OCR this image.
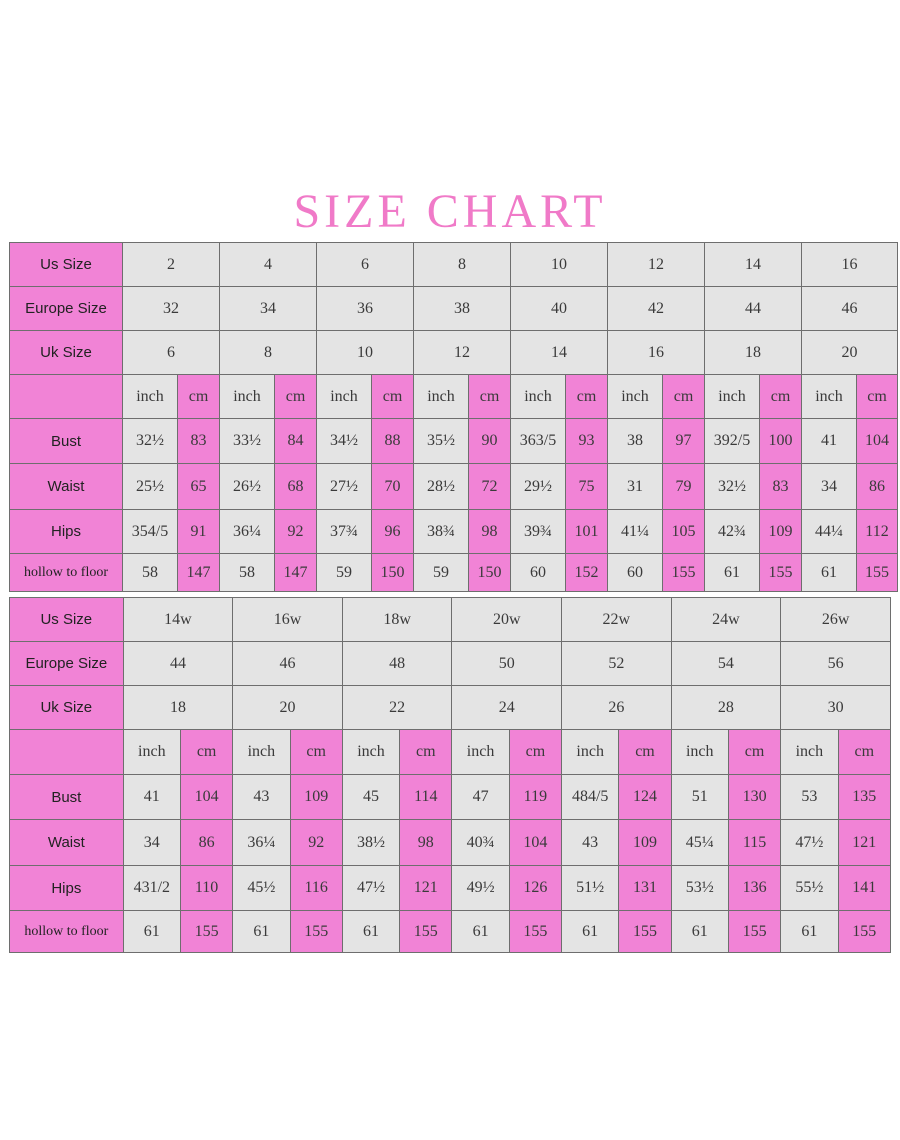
SIZE CHART
Us Size	2		4		6		8		10		12		14		16	
Europe Size	32		34		36		38		40		42		44		46	
Uk Size	6		8		10		12		14		16		18		20	
	inch	cm	inch	cm	inch	cm	inch	cm	inch	cm	inch	cm	inch	cm	inch	cm
Bust	32½	83	33½	84	34½	88	35½	90	363/5	93	38	97	392/5	100	41	104
Waist	25½	65	26½	68	27½	70	28½	72	29½	75	31	79	32½	83	34	86
Hips	354/5	91	36¼	92	37¾	96	38¾	98	39¾	101	41¼	105	42¾	109	44¼	112
hollow to floor	58	147	58	147	59	150	59	150	60	152	60	155	61	155	61	155
Us Size	14w		16w		18w		20w		22w		24w		26w	
Europe Size	44		46		48		50		52		54		56	
Uk Size	18		20		22		24		26		28		30	
	inch	cm	inch	cm	inch	cm	inch	cm	inch	cm	inch	cm	inch	cm
Bust	41	104	43	109	45	114	47	119	484/5	124	51	130	53	135
Waist	34	86	36¼	92	38½	98	40¾	104	43	109	45¼	115	47½	121
Hips	431/2	110	45½	116	47½	121	49½	126	51½	131	53½	136	55½	141
hollow to floor	61	155	61	155	61	155	61	155	61	155	61	155	61	155
